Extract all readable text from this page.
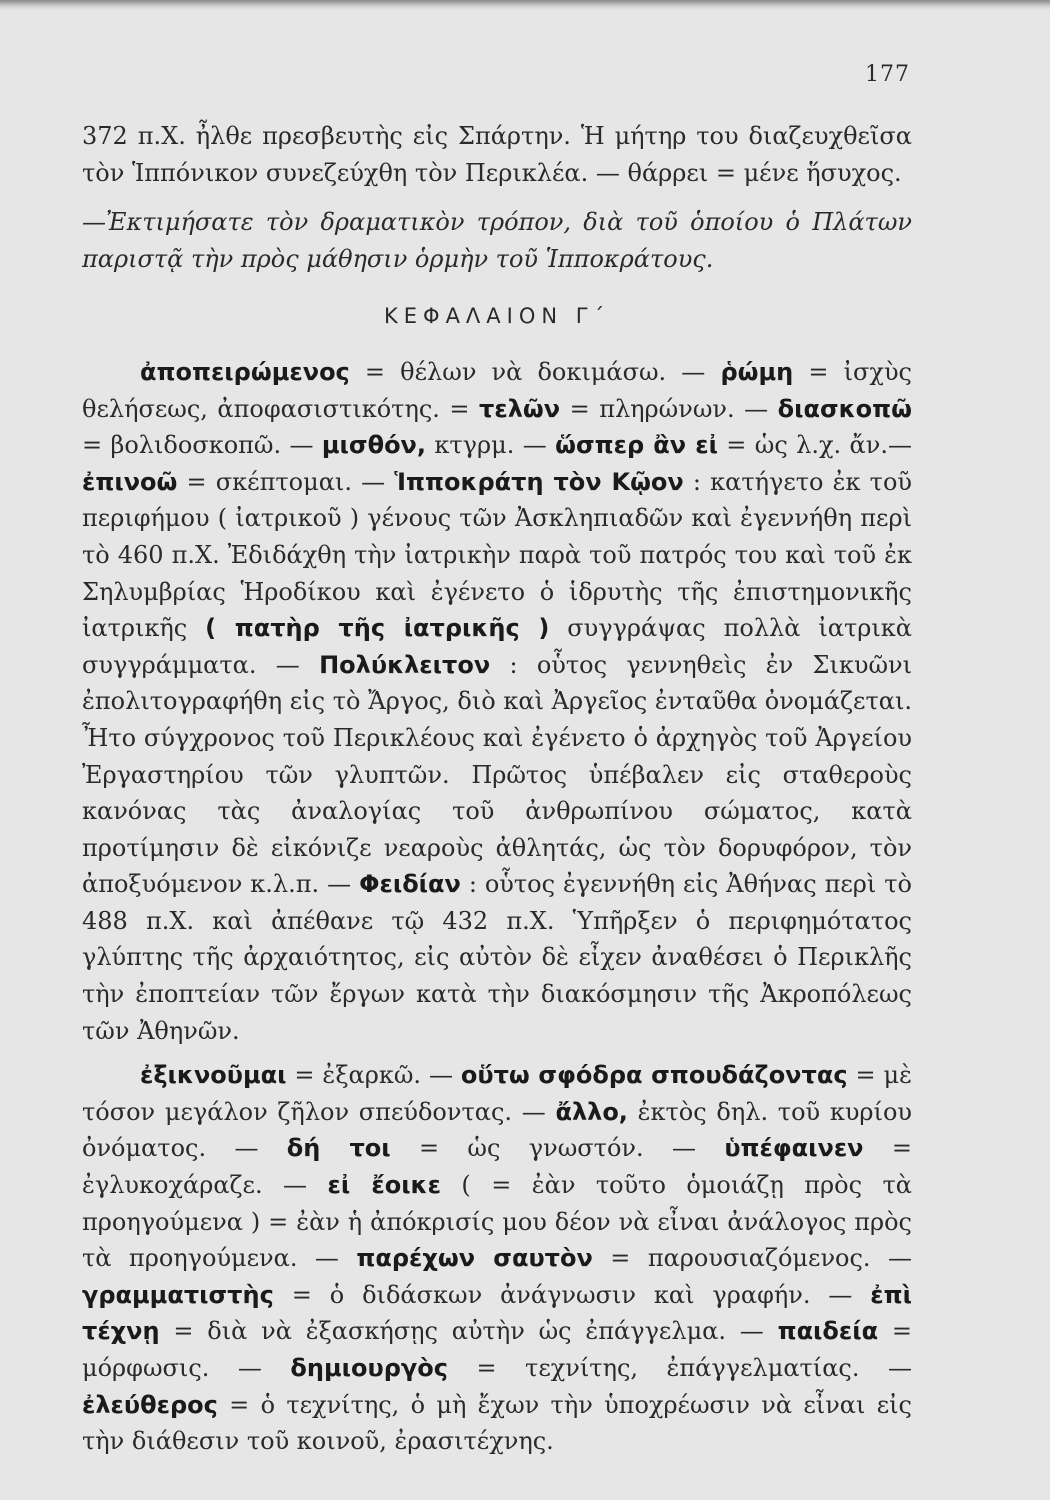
177

372 π.Χ. ἦλθε πρεσβευτὴς εἰς Σπάρτην. Ἡ μήτηρ του διαζευχθεῖσα τὸν Ἱππόνικον συνεζεύχθη τὸν Περικλέα. — θάρρει = μένε ἥσυχος.

—Ἐκτιμήσατε τὸν δραματικὸν τρόπον, διὰ τοῦ ὁποίου ὁ Πλάτων παριστᾷ τὴν πρὸς μάθησιν ὁρμὴν τοῦ Ἱπποκράτους.

ΚΕΦΑΛΑΙΟΝ Γ΄

ἀποπειρώμενος = θέλων νὰ δοκιμάσω. — ῥώμη = ἰσχὺς θελήσεως, ἀποφασιστικότης. = τελῶν = πληρώνων. — διασκοπῶ = βολιδοσκοπῶ. — μισθόν, κτγρμ. — ὥσπερ ἂν εἰ = ὡς λ.χ. ἄν.— ἐπινοῶ = σκέπτομαι. — Ἱπποκράτη τὸν Κῷον : κατήγετο ἐκ τοῦ περιφήμου ( ἰατρικοῦ ) γένους τῶν Ἀσκληπιαδῶν καὶ ἐγεννήθη περὶ τὸ 460 π.Χ. Ἐδιδάχθη τὴν ἰατρικὴν παρὰ τοῦ πατρός του καὶ τοῦ ἐκ Σηλυμβρίας Ἡροδίκου καὶ ἐγένετο ὁ ἱδρυτὴς τῆς ἐπιστημονικῆς ἰατρικῆς ( πατὴρ τῆς ἰατρικῆς ) συγγράψας πολλὰ ἰατρικὰ συγγράμματα. — Πολύκλειτον : οὗτος γεννηθεὶς ἐν Σικυῶνι ἐπολιτογραφήθη εἰς τὸ Ἄργος, διὸ καὶ Ἀργεῖος ἐνταῦθα ὀνομάζεται. Ἦτο σύγχρονος τοῦ Περικλέους καὶ ἐγένετο ὁ ἀρχηγὸς τοῦ Ἀργείου Ἐργαστηρίου τῶν γλυπτῶν. Πρῶτος ὑπέβαλεν εἰς σταθεροὺς κανόνας τὰς ἀναλογίας τοῦ ἀνθρωπίνου σώματος, κατὰ προτίμησιν δὲ εἰκόνιζε νεαροὺς ἀθλητάς, ὡς τὸν δορυφόρον, τὸν ἀποξυόμενον κ.λ.π. — Φειδίαν : οὗτος ἐγεννήθη εἰς Ἀθήνας περὶ τὸ 488 π.Χ. καὶ ἀπέθανε τῷ 432 π.Χ. Ὑπῆρξεν ὁ περιφημότατος γλύπτης τῆς ἀρχαιότητος, εἰς αὐτὸν δὲ εἶχεν ἀναθέσει ὁ Περικλῆς τὴν ἐποπτείαν τῶν ἔργων κατὰ τὴν διακόσμησιν τῆς Ἀκροπόλεως τῶν Ἀθηνῶν.

ἐξικνοῦμαι = ἐξαρκῶ. — οὕτω σφόδρα σπουδάζοντας = μὲ τόσον μεγάλον ζῆλον σπεύδοντας. — ἄλλο, ἐκτὸς δηλ. τοῦ κυρίου ὀνόματος. — δή τοι = ὡς γνωστόν. — ὑπέφαινεν = ἐγλυκοχάραζε. — εἰ ἔοικε ( = ἐὰν τοῦτο ὁμοιάζῃ πρὸς τὰ προηγούμενα ) = ἐὰν ἡ ἀπόκρισίς μου δέον νὰ εἶναι ἀνάλογος πρὸς τὰ προηγούμενα. — παρέχων σαυτὸν = παρουσιαζόμενος. — γραμματιστὴς = ὁ διδάσκων ἀνάγνωσιν καὶ γραφήν. — ἐπὶ τέχνῃ = διὰ νὰ ἐξασκήσῃς αὐτὴν ὡς ἐπάγγελμα. — παιδεία = μόρφωσις. — δημιουργὸς = τεχνίτης, ἐπάγγελματίας. — ἐλεύθερος = ὁ τεχνίτης, ὁ μὴ ἔχων τὴν ὑποχρέωσιν νὰ εἶναι εἰς τὴν διάθεσιν τοῦ κοινοῦ, ἐρασιτέχνης.
